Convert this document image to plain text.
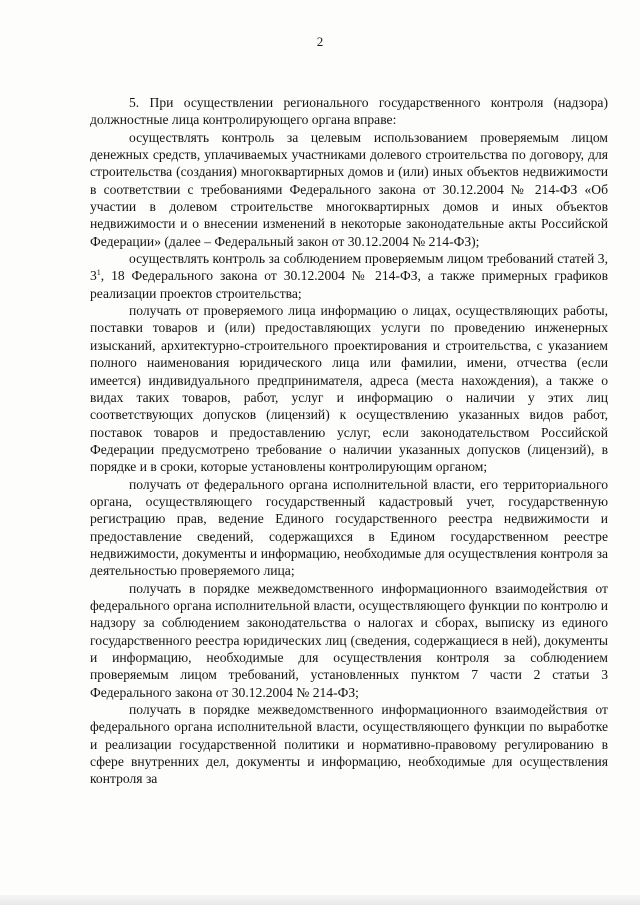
2

5. При осуществлении регионального государственного контроля (надзора) должностные лица контролирующего органа вправе:

осуществлять контроль за целевым использованием проверяемым лицом денежных средств, уплачиваемых участниками долевого строительства по договору, для строительства (создания) многоквартирных домов и (или) иных объектов недвижимости в соответствии с требованиями Федерального закона от 30.12.2004 № 214-ФЗ «Об участии в долевом строительстве многоквартирных домов и иных объектов недвижимости и о внесении изменений в некоторые законодательные акты Российской Федерации» (далее – Федеральный закон от 30.12.2004 № 214-ФЗ);

осуществлять контроль за соблюдением проверяемым лицом требований статей 3, $3^1$, 18 Федерального закона от 30.12.2004 № 214-ФЗ, а также примерных графиков реализации проектов строительства;

получать от проверяемого лица информацию о лицах, осуществляющих работы, поставки товаров и (или) предоставляющих услуги по проведению инженерных изысканий, архитектурно-строительного проектирования и строительства, с указанием полного наименования юридического лица или фамилии, имени, отчества (если имеется) индивидуального предпринимателя, адреса (места нахождения), а также о видах таких товаров, работ, услуг и информацию о наличии у этих лиц соответствующих допусков (лицензий) к осуществлению указанных видов работ, поставок товаров и предоставлению услуг, если законодательством Российской Федерации предусмотрено требование о наличии указанных допусков (лицензий), в порядке и в сроки, которые установлены контролирующим органом;

получать от федерального органа исполнительной власти, его территориального органа, осуществляющего государственный кадастровый учет, государственную регистрацию прав, ведение Единого государственного реестра недвижимости и предоставление сведений, содержащихся в Едином государственном реестре недвижимости, документы и информацию, необходимые для осуществления контроля за деятельностью проверяемого лица;

получать в порядке межведомственного информационного взаимодействия от федерального органа исполнительной власти, осуществляющего функции по контролю и надзору за соблюдением законодательства о налогах и сборах, выписку из единого государственного реестра юридических лиц (сведения, содержащиеся в ней), документы и информацию, необходимые для осуществления контроля за соблюдением проверяемым лицом требований, установленных пунктом 7 части 2 статьи 3 Федерального закона от 30.12.2004 № 214-ФЗ;

получать в порядке межведомственного информационного взаимодействия от федерального органа исполнительной власти, осуществляющего функции по выработке и реализации государственной политики и нормативно-правовому регулированию в сфере внутренних дел, документы и информацию, необходимые для осуществления контроля за
